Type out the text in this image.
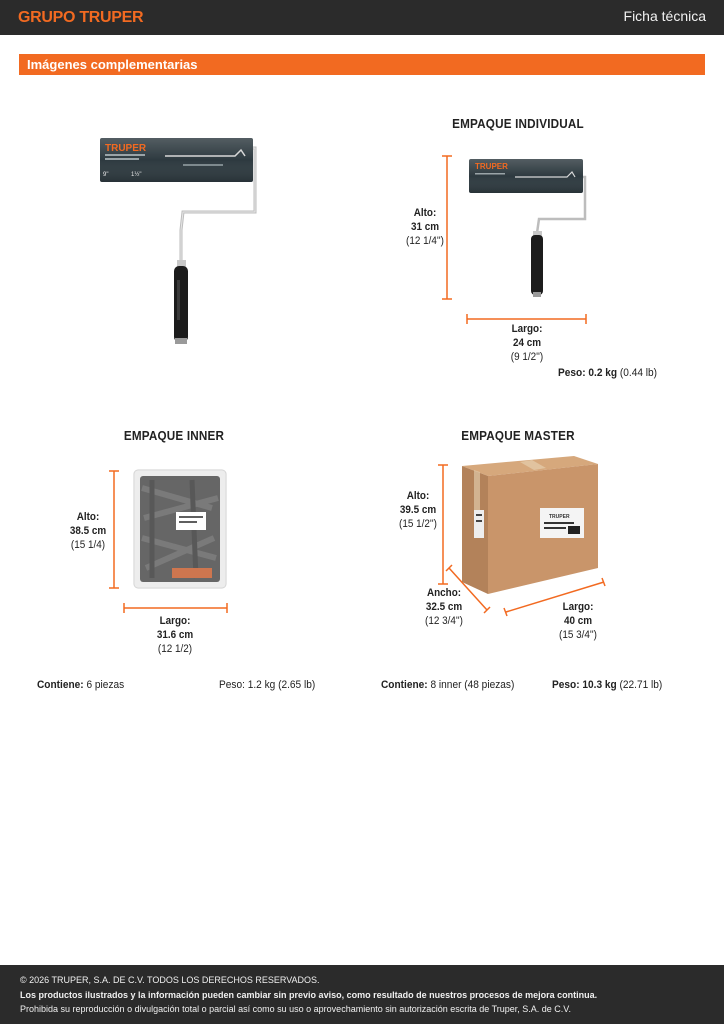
GRUPO TRUPER	Ficha técnica
Imágenes complementarias
TRUPER
9"	1½"
EMPAQUE INDIVIDUAL
TRUPER
Alto:
31 cm
(12 1/4'')
Largo:
24 cm
(9 1/2'')
Peso: 0.2 kg (0.44 lb)
EMPAQUE INNER
Alto:
38.5 cm
(15 1/4)
Largo:
31.6 cm
(12 1/2)
Contiene: 6 piezas	Peso: 1.2 kg (2.65 lb)
EMPAQUE MASTER
TRUPER
Alto:
39.5 cm
(15 1/2'')
Ancho:
32.5 cm
(12 3/4'')
Largo:
40 cm
(15 3/4'')
Contiene: 8 inner (48 piezas)	Peso: 10.3 kg (22.71 lb)
© 2026 TRUPER, S.A. DE C.V. TODOS LOS DERECHOS RESERVADOS.
Los productos ilustrados y la información pueden cambiar sin previo aviso, como resultado de nuestros procesos de mejora continua.
Prohibida su reproducción o divulgación total o parcial así como su uso o aprovechamiento sin autorización escrita de Truper, S.A. de C.V.
